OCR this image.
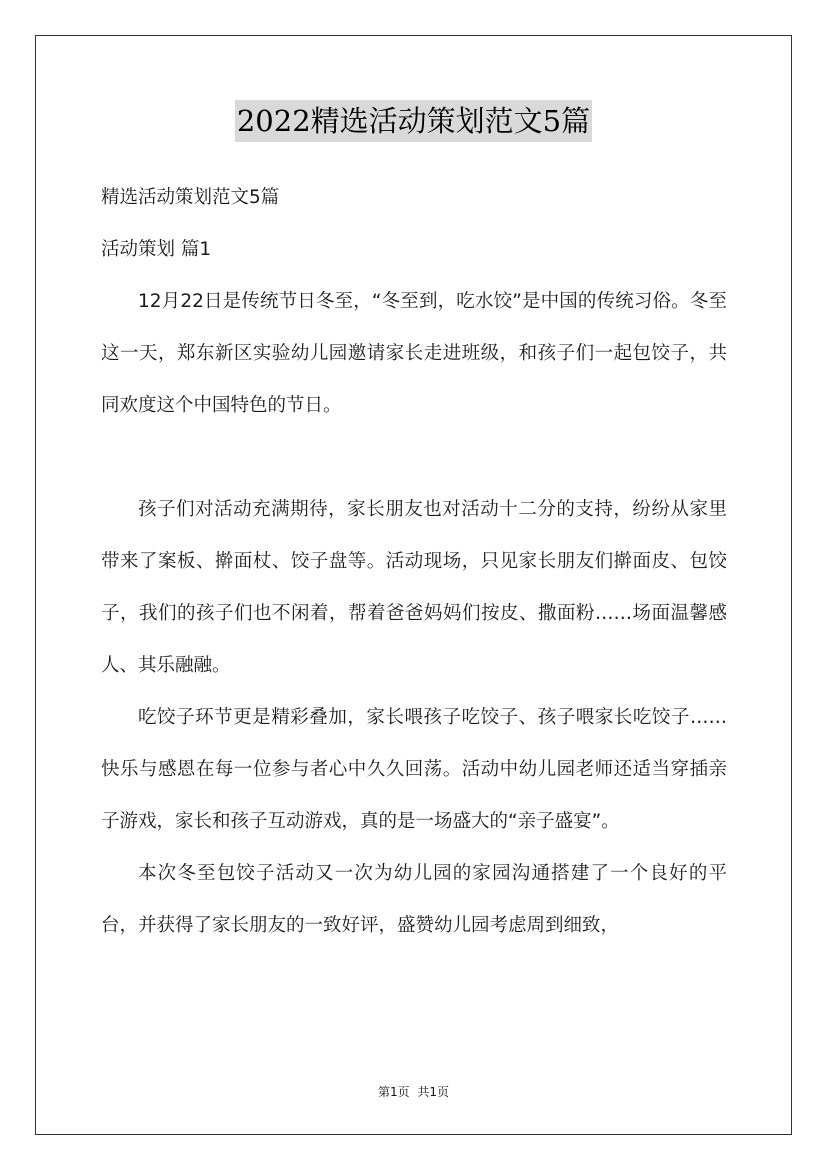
2022精选活动策划范文5篇

精选活动策划范文5篇

活动策划 篇1

12月22日是传统节日冬至，“冬至到，吃水饺”是中国的传统习俗。冬至这一天，郑东新区实验幼儿园邀请家长走进班级，和孩子们一起包饺子，共同欢度这个中国特色的节日。

孩子们对活动充满期待，家长朋友也对活动十二分的支持，纷纷从家里带来了案板、擀面杖、饺子盘等。活动现场，只见家长朋友们擀面皮、包饺子，我们的孩子们也不闲着，帮着爸爸妈妈们按皮、撒面粉……场面温馨感人、其乐融融。

吃饺子环节更是精彩叠加，家长喂孩子吃饺子、孩子喂家长吃饺子……快乐与感恩在每一位参与者心中久久回荡。活动中幼儿园老师还适当穿插亲子游戏，家长和孩子互动游戏，真的是一场盛大的“亲子盛宴”。

本次冬至包饺子活动又一次为幼儿园的家园沟通搭建了一个良好的平台，并获得了家长朋友的一致好评，盛赞幼儿园考虑周到细致，

第1页 共1页
